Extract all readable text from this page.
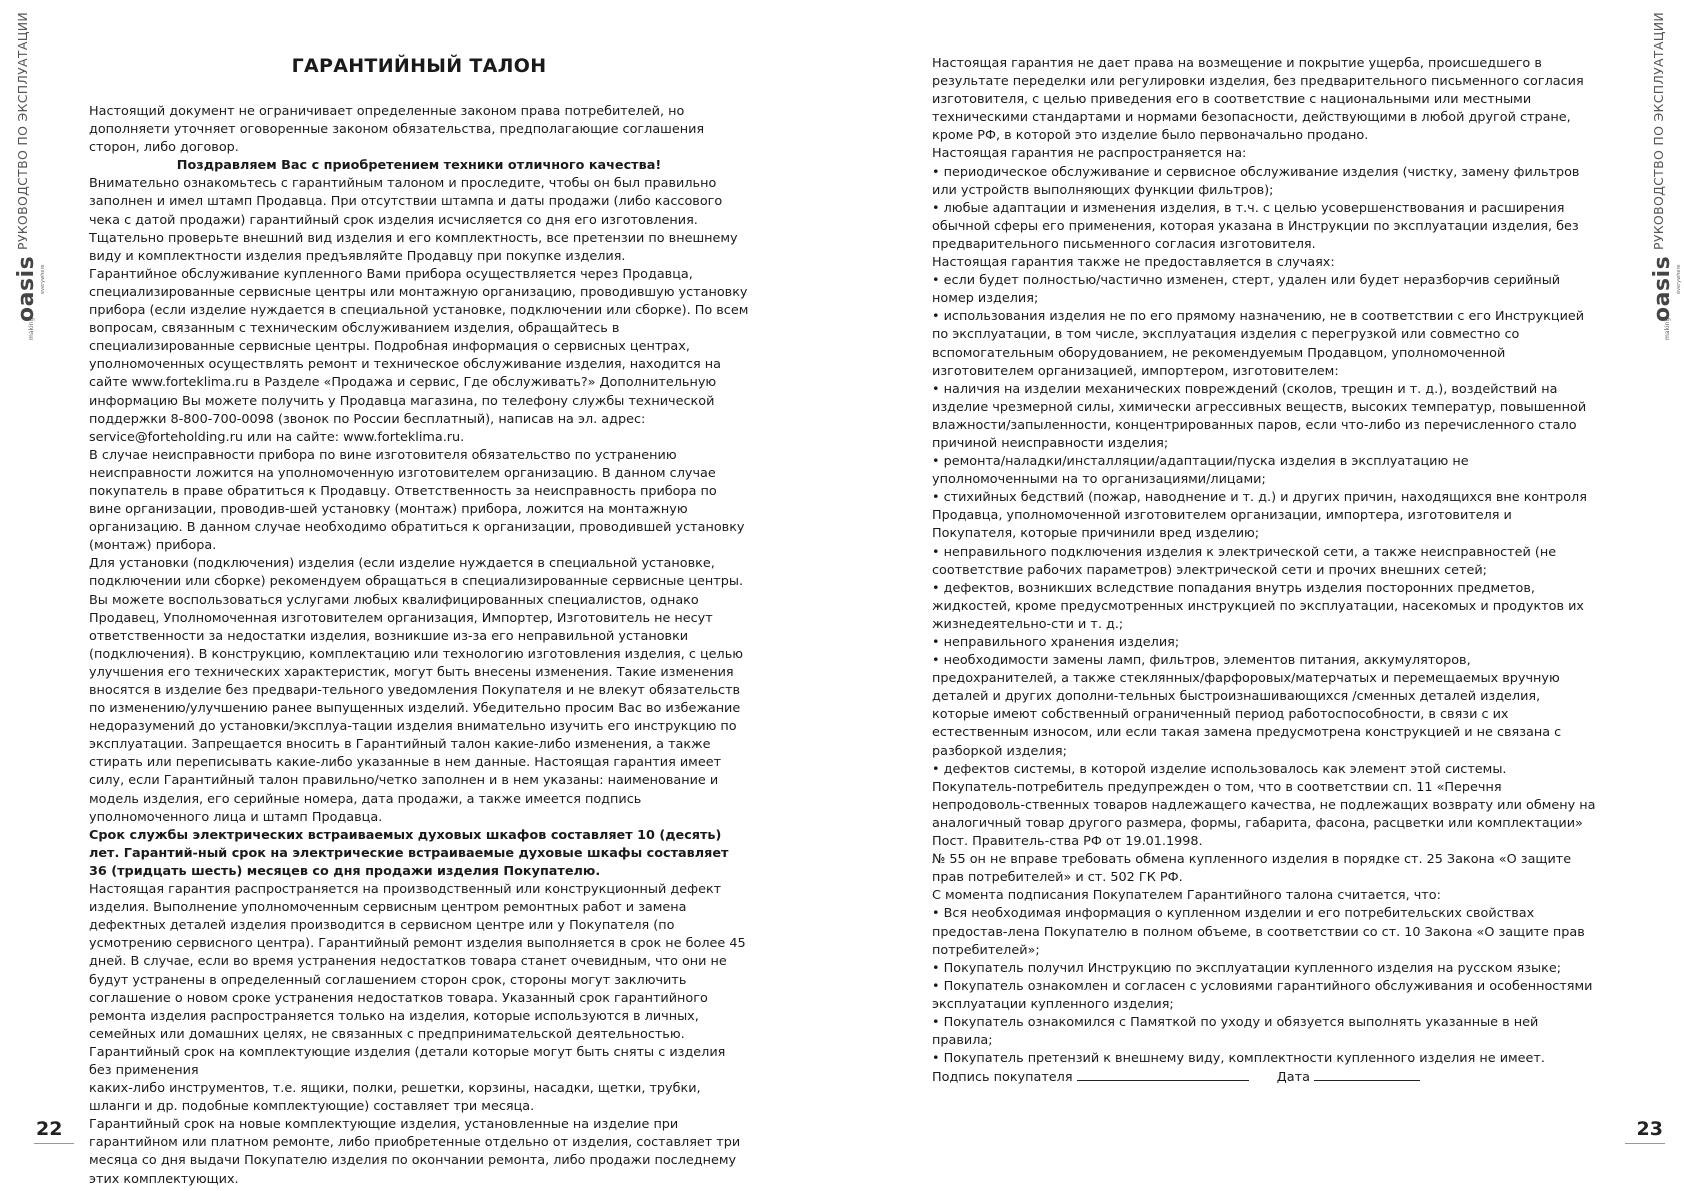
РУКОВОДСТВО ПО ЭКСПЛУАТАЦИИ
making
oasis everywhere
РУКОВОДСТВО ПО ЭКСПЛУАТАЦИИ
making
oasis everywhere

ГАРАНТИЙНЫЙ ТАЛОН

Настоящий документ не ограничивает определенные законом права потребителей, но дополняети уточняет оговоренные законом обязательства, предполагающие соглашения сторон, либо договор.

Поздравляем Вас с приобретением техники отличного качества!

Внимательно ознакомьтесь с гарантийным талоном и проследите, чтобы он был правильно заполнен и имел штамп Продавца. При отсутствии штампа и даты продажи (либо кассового чека с датой продажи) гарантийный срок изделия исчисляется со дня его изготовления. Тщательно проверьте внешний вид изделия и его комплектность, все претензии по внешнему виду и комплектности изделия предъявляйте Продавцу при покупке изделия.

Гарантийное обслуживание купленного Вами прибора осуществляется через Продавца, специализированные сервисные центры или монтажную организацию, проводившую установку прибора (если изделие нуждается в специальной установке, подключении или сборке). По всем вопросам, связанным с техническим обслуживанием изделия, обращайтесь в специализированные сервисные центры. Подробная информация о сервисных центрах, уполномоченных осуществлять ремонт и техническое обслуживание изделия, находится на сайте www.forteklima.ru в Разделе «Продажа и сервис, Где обслуживать?» Дополнительную информацию Вы можете получить у Продавца магазина, по телефону службы технической поддержки 8-800-700-0098 (звонок по России бесплатный), написав на эл. адрес: service@forteholding.ru или на сайте: www.forteklima.ru.

В случае неисправности прибора по вине изготовителя обязательство по устранению неисправности ложится на уполномоченную изготовителем организацию. В данном случае покупатель в праве обратиться к Продавцу. Ответственность за неисправность прибора по вине организации, проводив-шей установку (монтаж) прибора, ложится на монтажную организацию. В данном случае необходимо обратиться к организации, проводившей установку (монтаж) прибора.

Для установки (подключения) изделия (если изделие нуждается в специальной установке, подключении или сборке) рекомендуем обращаться в специализированные сервисные центры. Вы можете воспользоваться услугами любых квалифицированных специалистов, однако Продавец, Уполномоченная изготовителем организация, Импортер, Изготовитель не несут ответственности за недостатки изделия, возникшие из-за его неправильной установки (подключения). В конструкцию, комплектацию или технологию изготовления изделия, с целью улучшения его технических характеристик, могут быть внесены изменения. Такие изменения вносятся в изделие без предвари-тельного уведомления Покупателя и не влекут обязательств по изменению/улучшению ранее выпущенных изделий. Убедительно просим Вас во избежание недоразумений до установки/эксплуа-тации изделия внимательно изучить его инструкцию по эксплуатации. Запрещается вносить в Гарантийный талон какие-либо изменения, а также стирать или переписывать какие-либо указанные в нем данные. Настоящая гарантия имеет силу, если Гарантийный талон правильно/четко заполнен и в нем указаны: наименование и модель изделия, его серийные номера, дата продажи, а также имеется подпись уполномоченного лица и штамп Продавца.

Срок службы электрических встраиваемых духовых шкафов составляет 10 (десять) лет. Гарантий-ный срок на электрические встраиваемые духовые шкафы составляет 36 (тридцать шесть) месяцев со дня продажи изделия Покупателю.

Настоящая гарантия распространяется на производственный или конструкционный дефект изделия. Выполнение уполномоченным сервисным центром ремонтных работ и замена дефектных деталей изделия производится в сервисном центре или у Покупателя (по усмотрению сервисного центра). Гарантийный ремонт изделия выполняется в срок не более 45 дней. В случае, если во время устранения недостатков товара станет очевидным, что они не будут устранены в определенный соглашением сторон срок, стороны могут заключить соглашение о новом сроке устранения недостатков товара. Указанный срок гарантийного ремонта изделия распространяется только на изделия, которые используются в личных, семейных или домашних целях, не связанных с предпринимательской деятельностью.

Гарантийный срок на комплектующие изделия (детали которые могут быть сняты с изделия без применения

каких-либо инструментов, т.е. ящики, полки, решетки, корзины, насадки, щетки, трубки, шланги и др. подобные комплектующие) составляет три месяца.

Гарантийный срок на новые комплектующие изделия, установленные на изделие при гарантийном или платном ремонте, либо приобретенные отдельно от изделия, составляет три месяца со дня выдачи Покупателю изделия по окончании ремонта, либо продажи последнему этих комплектующих.

22

Настоящая гарантия не дает права на возмещение и покрытие ущерба, происшедшего в результате переделки или регулировки изделия, без предварительного письменного согласия изготовителя, с целью приведения его в соответствие с национальными или местными техническими стандартами и нормами безопасности, действующими в любой другой стране, кроме РФ, в которой это изделие было первоначально продано.

Настоящая гарантия не распространяется на:

• периодическое обслуживание и сервисное обслуживание изделия (чистку, замену фильтров или устройств выполняющих функции фильтров);

• любые адаптации и изменения изделия, в т.ч. с целью усовершенствования и расширения обычной сферы его применения, которая указана в Инструкции по эксплуатации изделия, без предварительного письменного согласия изготовителя.

Настоящая гарантия также не предоставляется в случаях:

• если будет полностью/частично изменен, стерт, удален или будет неразборчив серийный номер изделия;

• использования изделия не по его прямому назначению, не в соответствии с его Инструкцией по эксплуатации, в том числе, эксплуатация изделия с перегрузкой или совместно со вспомогательным оборудованием, не рекомендуемым Продавцом, уполномоченной изготовителем организацией, импортером, изготовителем:

• наличия на изделии механических повреждений (сколов, трещин и т. д.), воздействий на изделие чрезмерной силы, химически агрессивных веществ, высоких температур, повышенной влажности/запыленности, концентрированных паров, если что-либо из перечисленного стало причиной неисправности изделия;

• ремонта/наладки/инсталляции/адаптации/пуска изделия в эксплуатацию не уполномоченными на то организациями/лицами;

• стихийных бедствий (пожар, наводнение и т. д.) и других причин, находящихся вне контроля Продавца, уполномоченной изготовителем организации, импортера, изготовителя и Покупателя, которые причинили вред изделию;

• неправильного подключения изделия к электрической сети, а также неисправностей (не соответствие рабочих параметров) электрической сети и прочих внешних сетей;

• дефектов, возникших вследствие попадания внутрь изделия посторонних предметов, жидкостей, кроме предусмотренных инструкцией по эксплуатации, насекомых и продуктов их жизнедеятельно-сти и т. д.;

• неправильного хранения изделия;

• необходимости замены ламп, фильтров, элементов питания, аккумуляторов, предохранителей, а также стеклянных/фарфоровых/матерчатых и перемещаемых вручную деталей и других дополни-тельных быстроизнашивающихся /сменных деталей изделия, которые имеют собственный ограниченный период работоспособности, в связи с их естественным износом, или если такая замена предусмотрена конструкцией и не связана с разборкой изделия;

• дефектов системы, в которой изделие использовалось как элемент этой системы.

Покупатель-потребитель предупрежден о том, что в соответствии сп. 11 «Перечня непродоволь-ственных товаров надлежащего качества, не подлежащих возврату или обмену на аналогичный товар другого размера, формы, габарита, фасона, расцветки или комплектации» Пост. Правитель-ства РФ от 19.01.1998.

№ 55 он не вправе требовать обмена купленного изделия в порядке ст. 25 Закона «О защите прав потребителей» и ст. 502 ГК РФ.

С момента подписания Покупателем Гарантийного талона считается, что:

• Вся необходимая информация о купленном изделии и его потребительских свойствах предостав-лена Покупателю в полном объеме, в соответствии со ст. 10 Закона «О защите прав потребителей»;

• Покупатель получил Инструкцию по эксплуатации купленного изделия на русском языке;

• Покупатель ознакомлен и согласен с условиями гарантийного обслуживания и особенностями эксплуатации купленного изделия;

• Покупатель ознакомился с Памяткой по уходу и обязуется выполнять указанные в ней правила;

• Покупатель претензий к внешнему виду, комплектности купленного изделия не имеет.

Подпись покупателя	Дата
23
